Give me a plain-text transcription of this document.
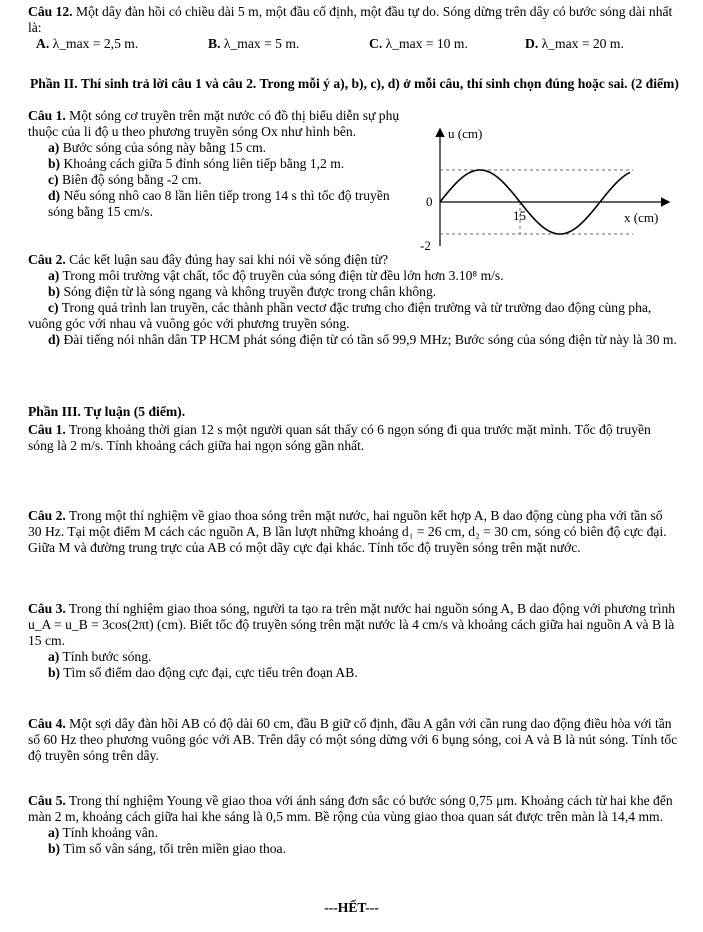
Câu 12. Một dây đàn hồi có chiều dài 5 m, một đầu cố định, một đầu tự do. Sóng dừng trên dây có bước sóng dài nhất là:

A. λ_max = 2,5 m.	B. λ_max = 5 m.	C. λ_max = 10 m.	D. λ_max = 20 m.
Phần II. Thí sinh trả lời câu 1 và câu 2. Trong mỗi ý a), b), c), d) ở mỗi câu, thí sinh chọn đúng hoặc sai. (2 điểm)

Câu 1. Một sóng cơ truyền trên mặt nước có đồ thị biểu diễn sự phụ thuộc của li độ u theo phương truyền sóng Ox như hình bên.

a) Bước sóng của sóng này bằng 15 cm.

b) Khoảng cách giữa 5 đỉnh sóng liên tiếp bằng 1,2 m.

c) Biên độ sóng bằng -2 cm.

d) Nếu sóng nhô cao 8 lần liên tiếp trong 14 s thì tốc độ truyền sóng bằng 15 cm/s.

u (cm)
0
15	x (cm)
-2

Câu 2. Các kết luận sau đây đúng hay sai khi nói về sóng điện từ?

a) Trong môi trường vật chất, tốc độ truyền của sóng điện từ đều lớn hơn 3.10⁸ m/s.

b) Sóng điện từ là sóng ngang và không truyền được trong chân không.

c) Trong quá trình lan truyền, các thành phần vectơ đặc trưng cho điện trường và từ trường dao động cùng pha, vuông góc với nhau và vuông góc với phương truyền sóng.

d) Đài tiếng nói nhân dân TP HCM phát sóng điện từ có tần số 99,9 MHz; Bước sóng của sóng điện từ này là 30 m.

Phần III. Tự luận (5 điểm).

Câu 1. Trong khoảng thời gian 12 s một người quan sát thấy có 6 ngọn sóng đi qua trước mặt mình. Tốc độ truyền sóng là 2 m/s. Tính khoảng cách giữa hai ngọn sóng gần nhất.

Câu 2. Trong một thí nghiệm về giao thoa sóng trên mặt nước, hai nguồn kết hợp A, B dao động cùng pha với tần số 30 Hz. Tại một điểm M cách các nguồn A, B lần lượt những khoảng d₁ = 26 cm, d₂ = 30 cm, sóng có biên độ cực đại. Giữa M và đường trung trực của AB có một dãy cực đại khác. Tính tốc độ truyền sóng trên mặt nước.

Câu 3. Trong thí nghiệm giao thoa sóng, người ta tạo ra trên mặt nước hai nguồn sóng A, B dao động với phương trình u_A = u_B = 3cos(2πt) (cm). Biết tốc độ truyền sóng trên mặt nước là 4 cm/s và khoảng cách giữa hai nguồn A và B là 15 cm.

a) Tính bước sóng.

b) Tìm số điểm dao động cực đại, cực tiểu trên đoạn AB.

Câu 4. Một sợi dây đàn hồi AB có độ dài 60 cm, đầu B giữ cố định, đầu A gắn với cần rung dao động điều hòa với tần số 60 Hz theo phương vuông góc với AB. Trên dây có một sóng dừng với 6 bụng sóng, coi A và B là nút sóng. Tính tốc độ truyền sóng trên dây.

Câu 5. Trong thí nghiệm Young về giao thoa với ánh sáng đơn sắc có bước sóng 0,75 μm. Khoảng cách từ hai khe đến màn 2 m, khoảng cách giữa hai khe sáng là 0,5 mm. Bề rộng của vùng giao thoa quan sát được trên màn là 14,4 mm.

a) Tính khoảng vân.

b) Tìm số vân sáng, tối trên miền giao thoa.

---HẾT---
